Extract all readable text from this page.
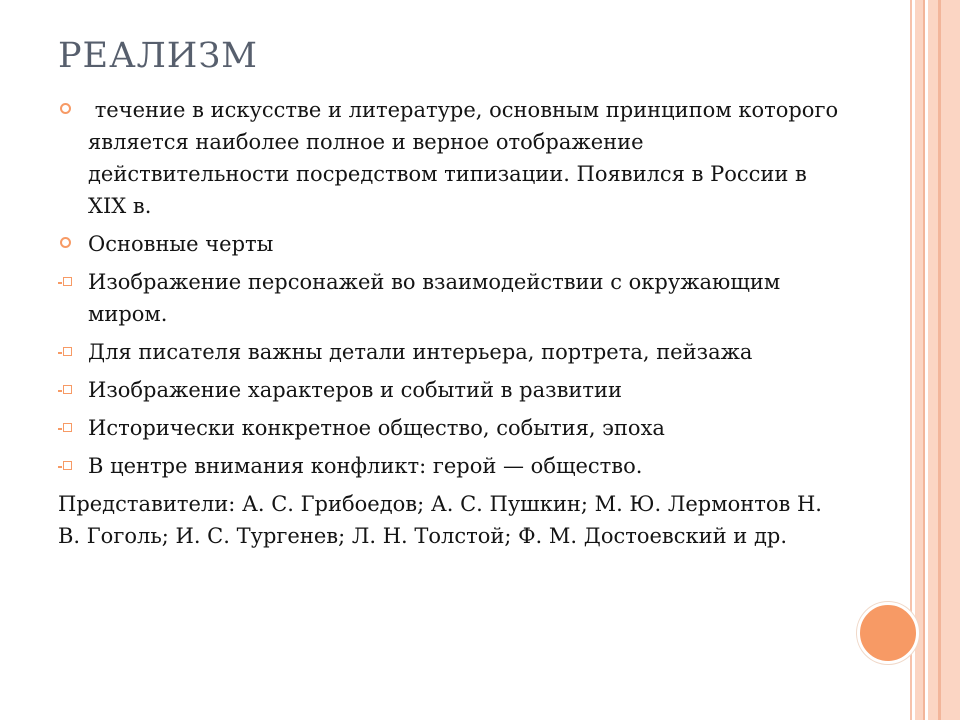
РЕАЛИЗМ
течение в искусстве и литературе, основным принципом которого является наиболее полное и верное отображение действительности посредством типизации. Появился в России в XIX в.
Основные черты
Изображение персонажей во взаимодействии с окружающим миром.
Для писателя важны детали интерьера, портрета, пейзажа
Изображение характеров и событий в развитии
Исторически конкретное общество, события, эпоха
В центре внимания конфликт: герой — общество.
Представители: А. С. Грибоедов; А. С. Пушкин; М. Ю. Лермонтов Н. В. Гоголь; И. С. Тургенев; Л. Н. Толстой; Ф. М. Достоевский и др.
